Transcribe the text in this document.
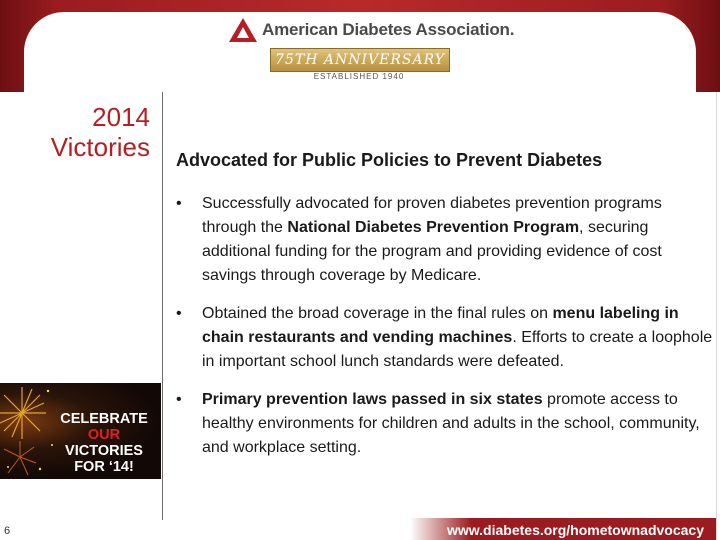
American Diabetes Association.
75TH ANNIVERSARY
ESTABLISHED 1940
2014
Victories
CELEBRATE
OUR
VICTORIES
FOR ‘14!
Advocated for Public Policies to Prevent Diabetes
• Successfully advocated for proven diabetes prevention programs through the National Diabetes Prevention Program, securing additional funding for the program and providing evidence of cost savings through coverage by Medicare.
• Obtained the broad coverage in the final rules on menu labeling in chain restaurants and vending machines. Efforts to create a loophole in important school lunch standards were defeated.
• Primary prevention laws passed in six states promote access to healthy environments for children and adults in the school, community, and workplace setting.
6	www.diabetes.org/hometownadvocacy
